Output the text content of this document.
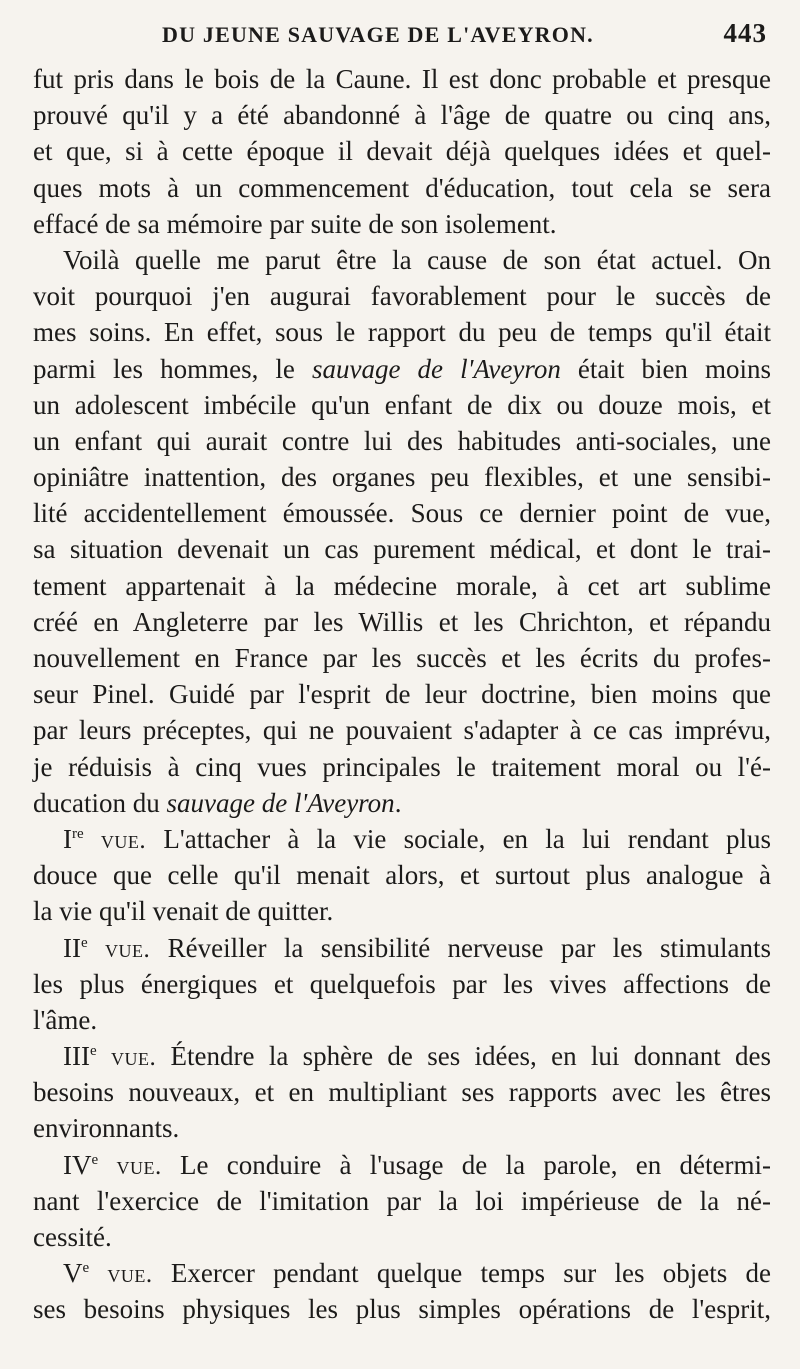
DU JEUNE SAUVAGE DE L'AVEYRON.	443
fut pris dans le bois de la Caune. Il est donc probable et presque
prouvé qu'il y a été abandonné à l'âge de quatre ou cinq ans,
et que, si à cette époque il devait déjà quelques idées et quel-
ques mots à un commencement d'éducation, tout cela se sera
effacé de sa mémoire par suite de son isolement.
Voilà quelle me parut être la cause de son état actuel. On
voit pourquoi j'en augurai favorablement pour le succès de
mes soins. En effet, sous le rapport du peu de temps qu'il était
parmi les hommes, le sauvage de l'Aveyron était bien moins
un adolescent imbécile qu'un enfant de dix ou douze mois, et
un enfant qui aurait contre lui des habitudes anti-sociales, une
opiniâtre inattention, des organes peu flexibles, et une sensibi-
lité accidentellement émoussée. Sous ce dernier point de vue,
sa situation devenait un cas purement médical, et dont le trai-
tement appartenait à la médecine morale, à cet art sublime
créé en Angleterre par les Willis et les Chrichton, et répandu
nouvellement en France par les succès et les écrits du profes-
seur Pinel. Guidé par l'esprit de leur doctrine, bien moins que
par leurs préceptes, qui ne pouvaient s'adapter à ce cas imprévu,
je réduisis à cinq vues principales le traitement moral ou l'é-
ducation du sauvage de l'Aveyron.
Ire vue. L'attacher à la vie sociale, en la lui rendant plus
douce que celle qu'il menait alors, et surtout plus analogue à
la vie qu'il venait de quitter.
IIe vue. Réveiller la sensibilité nerveuse par les stimulants
les plus énergiques et quelquefois par les vives affections de
l'âme.
IIIe vue. Étendre la sphère de ses idées, en lui donnant des
besoins nouveaux, et en multipliant ses rapports avec les êtres
environnants.
IVe vue. Le conduire à l'usage de la parole, en détermi-
nant l'exercice de l'imitation par la loi impérieuse de la né-
cessité.
Ve vue. Exercer pendant quelque temps sur les objets de
ses besoins physiques les plus simples opérations de l'esprit,
